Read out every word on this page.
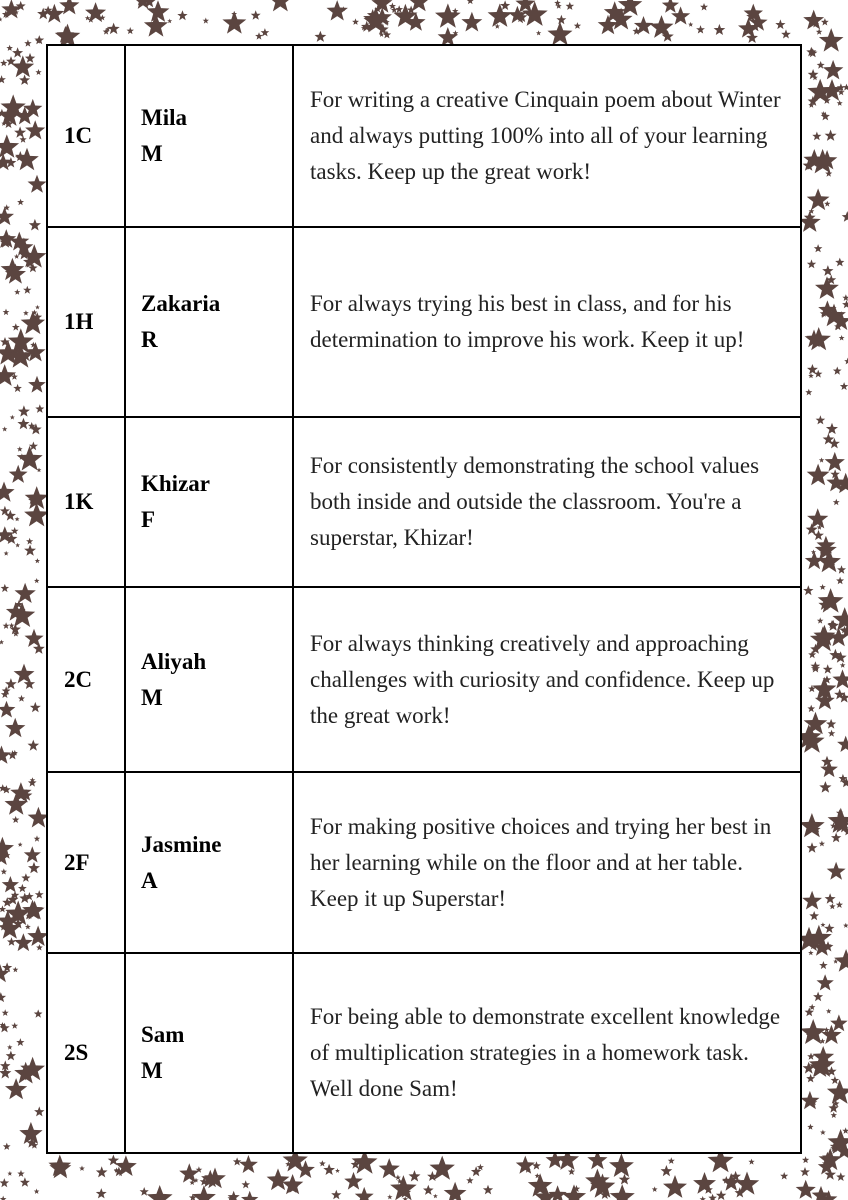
1C
Mila
M
For writing a creative Cinquain poem about Winter and always putting 100% into all of your learning tasks. Keep up the great work!
1H
Zakaria
R
For always trying his best in class, and for his determination to improve his work. Keep it up!
1K
Khizar
F
For consistently demonstrating the school values both inside and outside the classroom. You're a superstar, Khizar!
2C
Aliyah
M
For always thinking creatively and approaching challenges with curiosity and confidence. Keep up the great work!
2F
Jasmine
A
For making positive choices and trying her best in her learning while on the floor and at her table. Keep it up Superstar!
2S
Sam
M
For being able to demonstrate excellent knowledge of multiplication strategies in a homework task. Well done Sam!
